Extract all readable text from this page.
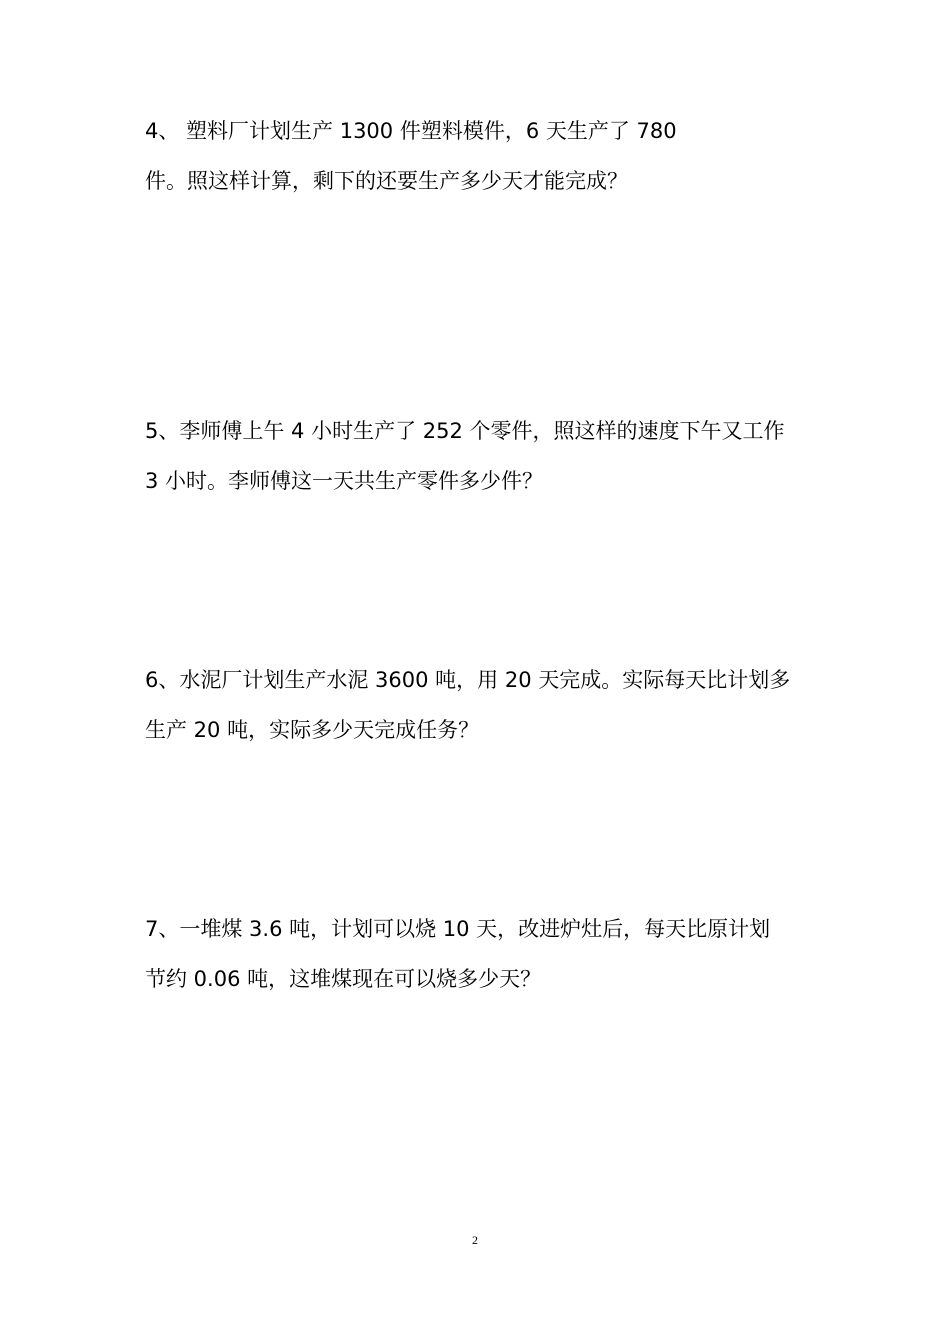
4、 塑料厂计划生产 1300 件塑料模件，6 天生产了 780
件。照这样计算，剩下的还要生产多少天才能完成？
5、李师傅上午 4 小时生产了 252 个零件，照这样的速度下午又工作
3 小时。李师傅这一天共生产零件多少件？
6、水泥厂计划生产水泥 3600 吨，用 20 天完成。实际每天比计划多
生产 20 吨，实际多少天完成任务？
7、一堆煤 3.6 吨，计划可以烧 10 天，改进炉灶后，每天比原计划
节约 0.06 吨，这堆煤现在可以烧多少天？
2
